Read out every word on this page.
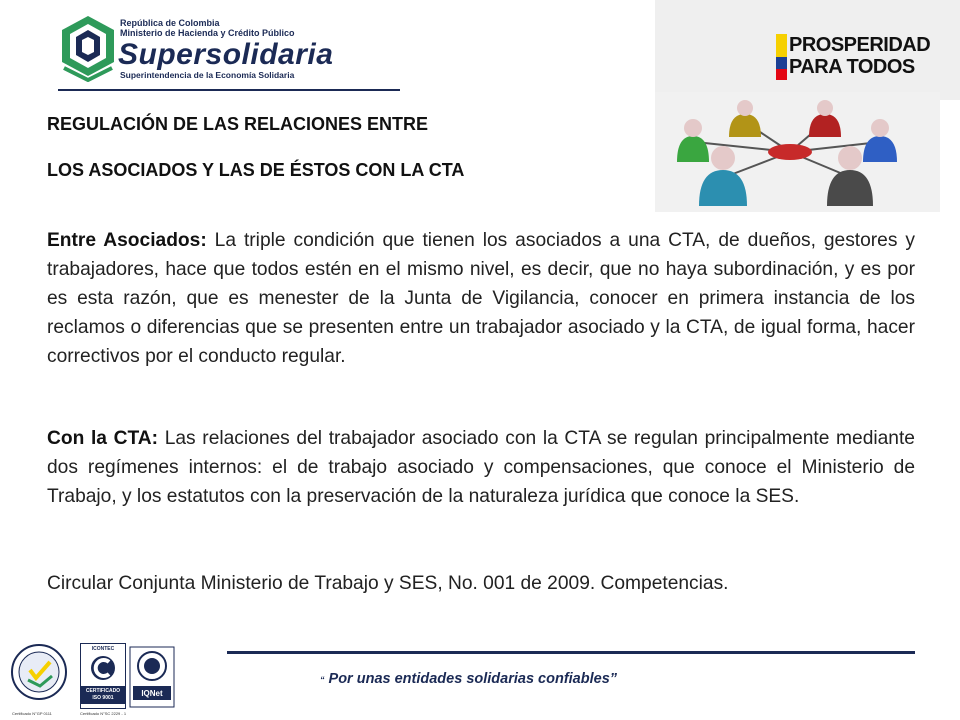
República de Colombia
Ministerio de Hacienda y Crédito Público
Supersolidaria
Superintendencia de la Economía Solidaria
PROSPERIDAD
PARA TODOS
REGULACIÓN DE LAS RELACIONES ENTRE
LOS ASOCIADOS Y LAS DE ÉSTOS CON LA CTA
Entre Asociados: La triple condición que tienen los asociados a una CTA, de dueños, gestores y trabajadores, hace que todos estén en el mismo nivel, es decir, que no haya subordinación, y es por es esta razón, que es menester de la Junta de Vigilancia, conocer en primera instancia de los reclamos o diferencias que se presenten entre un trabajador asociado y la CTA, de igual forma, hacer correctivos por el conducto regular.
Con la CTA: Las relaciones del trabajador asociado con la CTA se regulan principalmente mediante dos regímenes internos: el de trabajo asociado y compensaciones, que conoce el Ministerio de Trabajo, y los estatutos con la preservación de la naturaleza jurídica que conoce la SES.
Circular Conjunta Ministerio de Trabajo y SES, No. 001 de 2009. Competencias.
“ Por unas entidades solidarias confiables”
Certificado N°GP 0111
ICONTEC
CERTIFICADO
ISO 9001
Certificado N°SC 2229 - 1
IQNet
